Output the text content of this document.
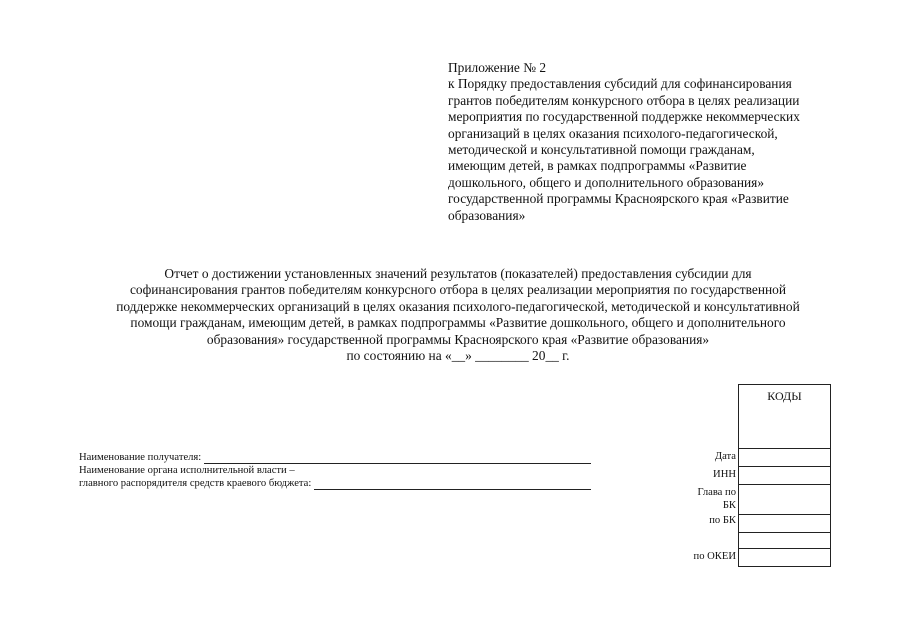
Приложение № 2
к Порядку предоставления субсидий для софинансирования
грантов победителям конкурсного отбора в целях реализации
мероприятия по государственной поддержке некоммерческих
организаций в целях оказания психолого-педагогической,
методической и консультативной помощи гражданам,
имеющим детей, в рамках подпрограммы «Развитие
дошкольного, общего и дополнительного образования»
государственной программы Красноярского края «Развитие
образования»
Отчет о достижении установленных значений результатов (показателей) предоставления субсидии для
софинансирования грантов победителям конкурсного отбора в целях реализации мероприятия по государственной
поддержке некоммерческих организаций в целях оказания психолого-педагогической, методической и консультативной
помощи гражданам, имеющим детей, в рамках подпрограммы «Развитие дошкольного, общего и дополнительного
образования» государственной программы Красноярского края «Развитие образования»
по состоянию на «__» ________ 20__ г.
Наименование получателя:
Наименование органа исполнительной власти –
главного распорядителя средств краевого бюджета:
Дата
ИНН
Глава по
БК
по БК
по ОКЕИ
КОДЫ
